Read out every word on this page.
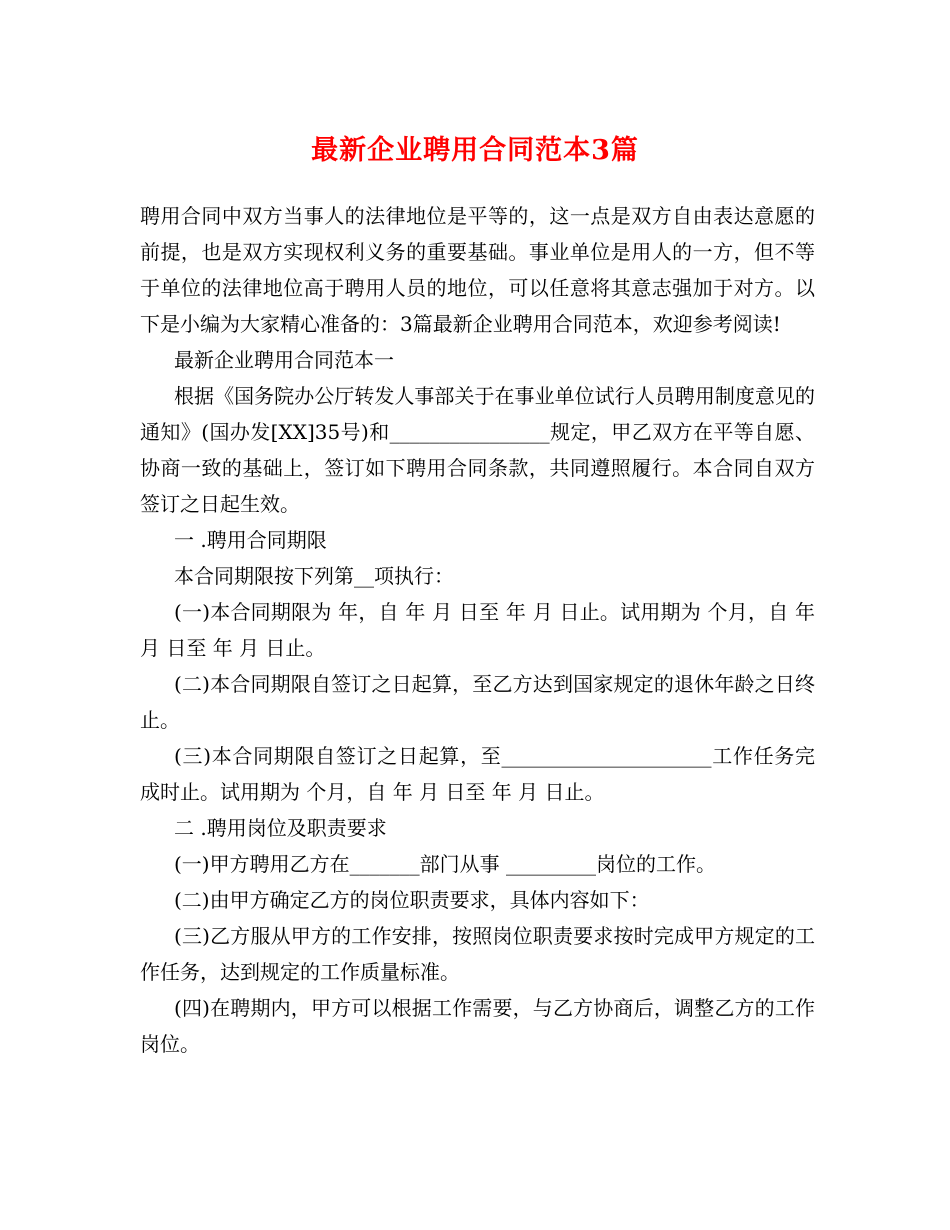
最新企业聘用合同范本3篇

聘用合同中双方当事人的法律地位是平等的，这一点是双方自由表达意愿的前提，也是双方实现权利义务的重要基础。事业单位是用人的一方，但不等于单位的法律地位高于聘用人员的地位，可以任意将其意志强加于对方。以下是小编为大家精心准备的：3篇最新企业聘用合同范本，欢迎参考阅读!

最新企业聘用合同范本一

根据《国务院办公厅转发人事部关于在事业单位试行人员聘用制度意见的通知》(国办发[XX]35号)和________________规定，甲乙双方在平等自愿、协商一致的基础上，签订如下聘用合同条款，共同遵照履行。本合同自双方签订之日起生效。

一 .聘用合同期限

本合同期限按下列第__项执行：

(一)本合同期限为 年，自 年 月 日至 年 月 日止。试用期为 个月，自 年 月 日至 年 月 日止。

(二)本合同期限自签订之日起算，至乙方达到国家规定的退休年龄之日终止。

(三)本合同期限自签订之日起算，至_____________________工作任务完成时止。试用期为 个月，自 年 月 日至 年 月 日止。

二 .聘用岗位及职责要求

(一)甲方聘用乙方在_______部门从事 _________岗位的工作。

(二)由甲方确定乙方的岗位职责要求，具体内容如下：

(三)乙方服从甲方的工作安排，按照岗位职责要求按时完成甲方规定的工作任务，达到规定的工作质量标准。

(四)在聘期内，甲方可以根据工作需要，与乙方协商后，调整乙方的工作岗位。
